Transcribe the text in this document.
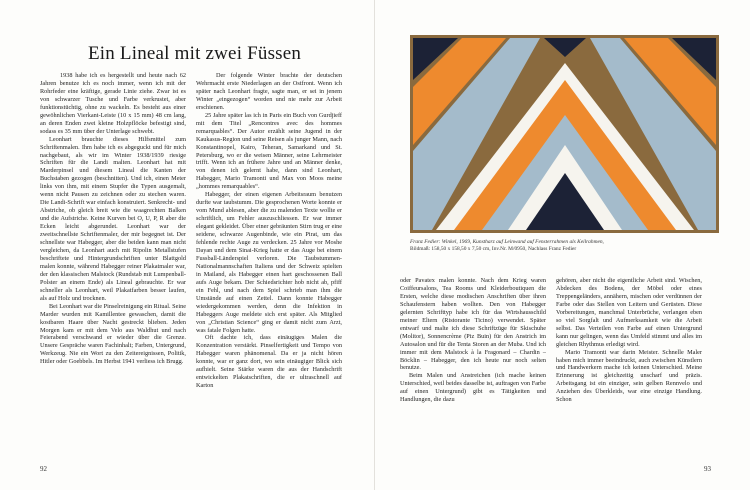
Ein Lineal mit zwei Füssen

1938 habe ich es hergestellt und heute nach 62 Jahren benutze ich es noch immer, wenn ich mit der Rohrfeder eine kräftige, gerade Linie ziehe. Zwar ist es von schwarzer Tusche und Farbe verkrustet, aber funktionstüchtig, ohne zu wackeln. Es besteht aus einer gewöhnlichen Vierkant-Leiste (10 x 15 mm) 48 cm lang, an deren Enden zwei kleine Holzpflöcke befestigt sind, sodass es 35 mm über der Unterlage schwebt.

Leonhart brauchte dieses Hilfsmittel zum Schriftenmalen. Ihm habe ich es abgeguckt und für mich nachgebaut, als wir im Winter 1938/1939 riesige Schriften für die Landi malten. Leonhart hat mit Marderpinsel und diesem Lineal die Kanten der Buchstaben gezogen (beschnitten). Und ich, einen Meter links von ihm, mit einem Stupfer die Typen ausgemalt, wenn nicht Pausen zu zeichnen oder zu stechen waren. Die Landi-Schrift war einfach konstruiert. Senkrecht- und Abstriche, ob gleich breit wie die waagrechten Balken und die Aufstriche. Keine Kurven bei O, U, P, R aber die Ecken leicht abgerundet. Leonhart war der zweitschnellste Schriftenmaler, der mir begegnet ist. Der schnellste war Habegger, aber die beiden kann man nicht vergleichen, da Leonhart auch mit Ripolin Metallstufen beschriftete und Hintergrundschriften unter Blattgold malen konnte, während Habegger reiner Plakatmaler war, der den klassischen Malstock (Rundstab mit Lumpenball-Polster an einem Ende) als Lineal gebrauchte. Er war schneller als Leonhart, weil Plakatfarben besser laufen, als auf Holz und trocknen.

Bei Leonhart war die Pinselreinigung ein Ritual. Seine Marder wurden mit Kamillentee gewaschen, damit die kostbaren Haare über Nacht gestreckt blieben. Jeden Morgen kam er mit dem Velo aus Waldhut und nach Feierabend verschwand er wieder über die Grenze. Unsere Gespräche waren Fachinhalt; Farben, Untergrund, Werkzeug. Nie ein Wort zu den Zeitereignissen, Politik, Hitler oder Goebbels. Im Herbst 1941 verliess ich Brugg.

Der folgende Winter brachte der deutschen Wehrmacht erste Niederlagen an der Ostfront. Wenn ich später nach Leonhart fragte, sagte man, er sei in jenem Winter „eingezogen“ worden und nie mehr zur Arbeit erschienen.

25 Jahre später las ich in Paris ein Buch von Gurdjieff mit dem Titel „Rencontres avec des hommes remarquables“. Der Autor erzählt seine Jugend in der Kaukasus-Region und seine Reisen als junger Mann, nach Konstantinopel, Kairo, Teheran, Samarkand und St. Petersburg, wo er die weisen Männer, seine Lehrmeister trifft. Wenn ich an frühere Jahre und an Männer denke, von denen ich gelernt habe, dann sind Leonhart, Habegger, Mario Tramonti und Max von Moos meine „hommes remarquables“.

Habegger, der einen eigenen Arbeitsraum benutzen durfte war taubstumm. Die gesprochenen Worte konnte er vom Mund ablesen, aber die zu malenden Texte wollte er schriftlich, um Fehler auszuschliessen. Er war immer elegant gekleidet. Über einer gebräunten Stirn trug er eine seidene, schwarze Augenbinde, wie ein Pirat, um das fehlende rechte Auge zu verdecken. 25 Jahre vor Moshe Dayan und dem Sinai-Krieg hatte er das Auge bei einem Fussball-Länderspiel verloren. Die Taubstummen-Nationalmannschaften Italiens und der Schweiz spielten in Mailand, als Habegger einen hart geschossenen Ball aufs Auge bekam. Der Schiedsrichter hob nicht ab, pfiff ein Fehl, und nach dem Spiel schrieb man ihm die Umstände auf einen Zettel. Dann konnte Habegger wiedergekommen werden, denn die Infektion in Habeggers Auge meldete sich erst später. Als Mitglied von „Christian Science“ ging er damit nicht zum Arzt, was fatale Folgen hatte.

Oft dachte ich, dass einäugiges Malen die Konzentration verstärkt. Pinselfertigkeit und Tempo von Habegger waren phänomenal. Da er ja nicht hören konnte, war er ganz dort, wo sein einäugiger Blick sich aufhielt. Seine Stärke waren die aus der Handschrift entwickelten Plakatschriften, die er ultraschnell auf Karton

92
Franz Fedier: Winkel, 1969, Kunstharz auf Leinwand auf Fensterrahmen als Keilrahmen,
Bildmaß: 158,50 x 158,50 x 7,50 cm, Inv.Nr. M/0950, Nachlass Franz Fedier

oder Pavatex malen konnte. Nach dem Krieg waren Coiffeursalons, Tea Rooms und Kleiderboutiquen die Ersten, welche diese modischen Anschriften über ihren Schaufenstern haben wollten. Den von Habegger gelernten Schrifttyp habe ich für das Wirtshausschild meiner Eltern (Ristorante Ticino) verwendet. Später entwarf und malte ich diese Schriftzüge für Skischuhe (Molitor), Sonnencrème (Piz Buin) für den Anstrich im Autosalon und für die Tenta Storen an der Muba. Und ich immer mit dem Malstock à la Fragonard – Chardin – Böcklin – Habegger, den ich heute nur noch selten benutze.

Beim Malen und Anstreichen (ich mache keinen Unterschied, weil beides dasselbe ist, auftragen von Farbe auf einen Untergrund) gibt es Tätigkeiten und Handlungen, die dazu

gehören, aber nicht die eigentliche Arbeit sind. Wischen, Abdecken des Bodens, der Möbel oder eines Treppengeländers, annähern, mischen oder verdünnen der Farbe oder das Stellen von Leitern und Gerüsten. Diese Vorbereitungen, manchmal Unterbrüche, verlangen eben so viel Sorgfalt und Aufmerksamkeit wie die Arbeit selbst. Das Verteilen von Farbe auf einen Untergrund kann nur gelingen, wenn das Umfeld stimmt und alles im gleichen Rhythmus erledigt wird.

Mario Tramonti war darin Meister. Schnelle Maler haben mich immer beeindruckt, auch zwischen Künstlern und Handwerkern mache ich keinen Unterschied. Meine Erinnerung ist gleichzeitig unscharf und präzis. Arbeitsgang ist ein einziger, sein gelben Rennvelo und Anziehen des Überkleids, war eine einzige Handlung. Schon

93
